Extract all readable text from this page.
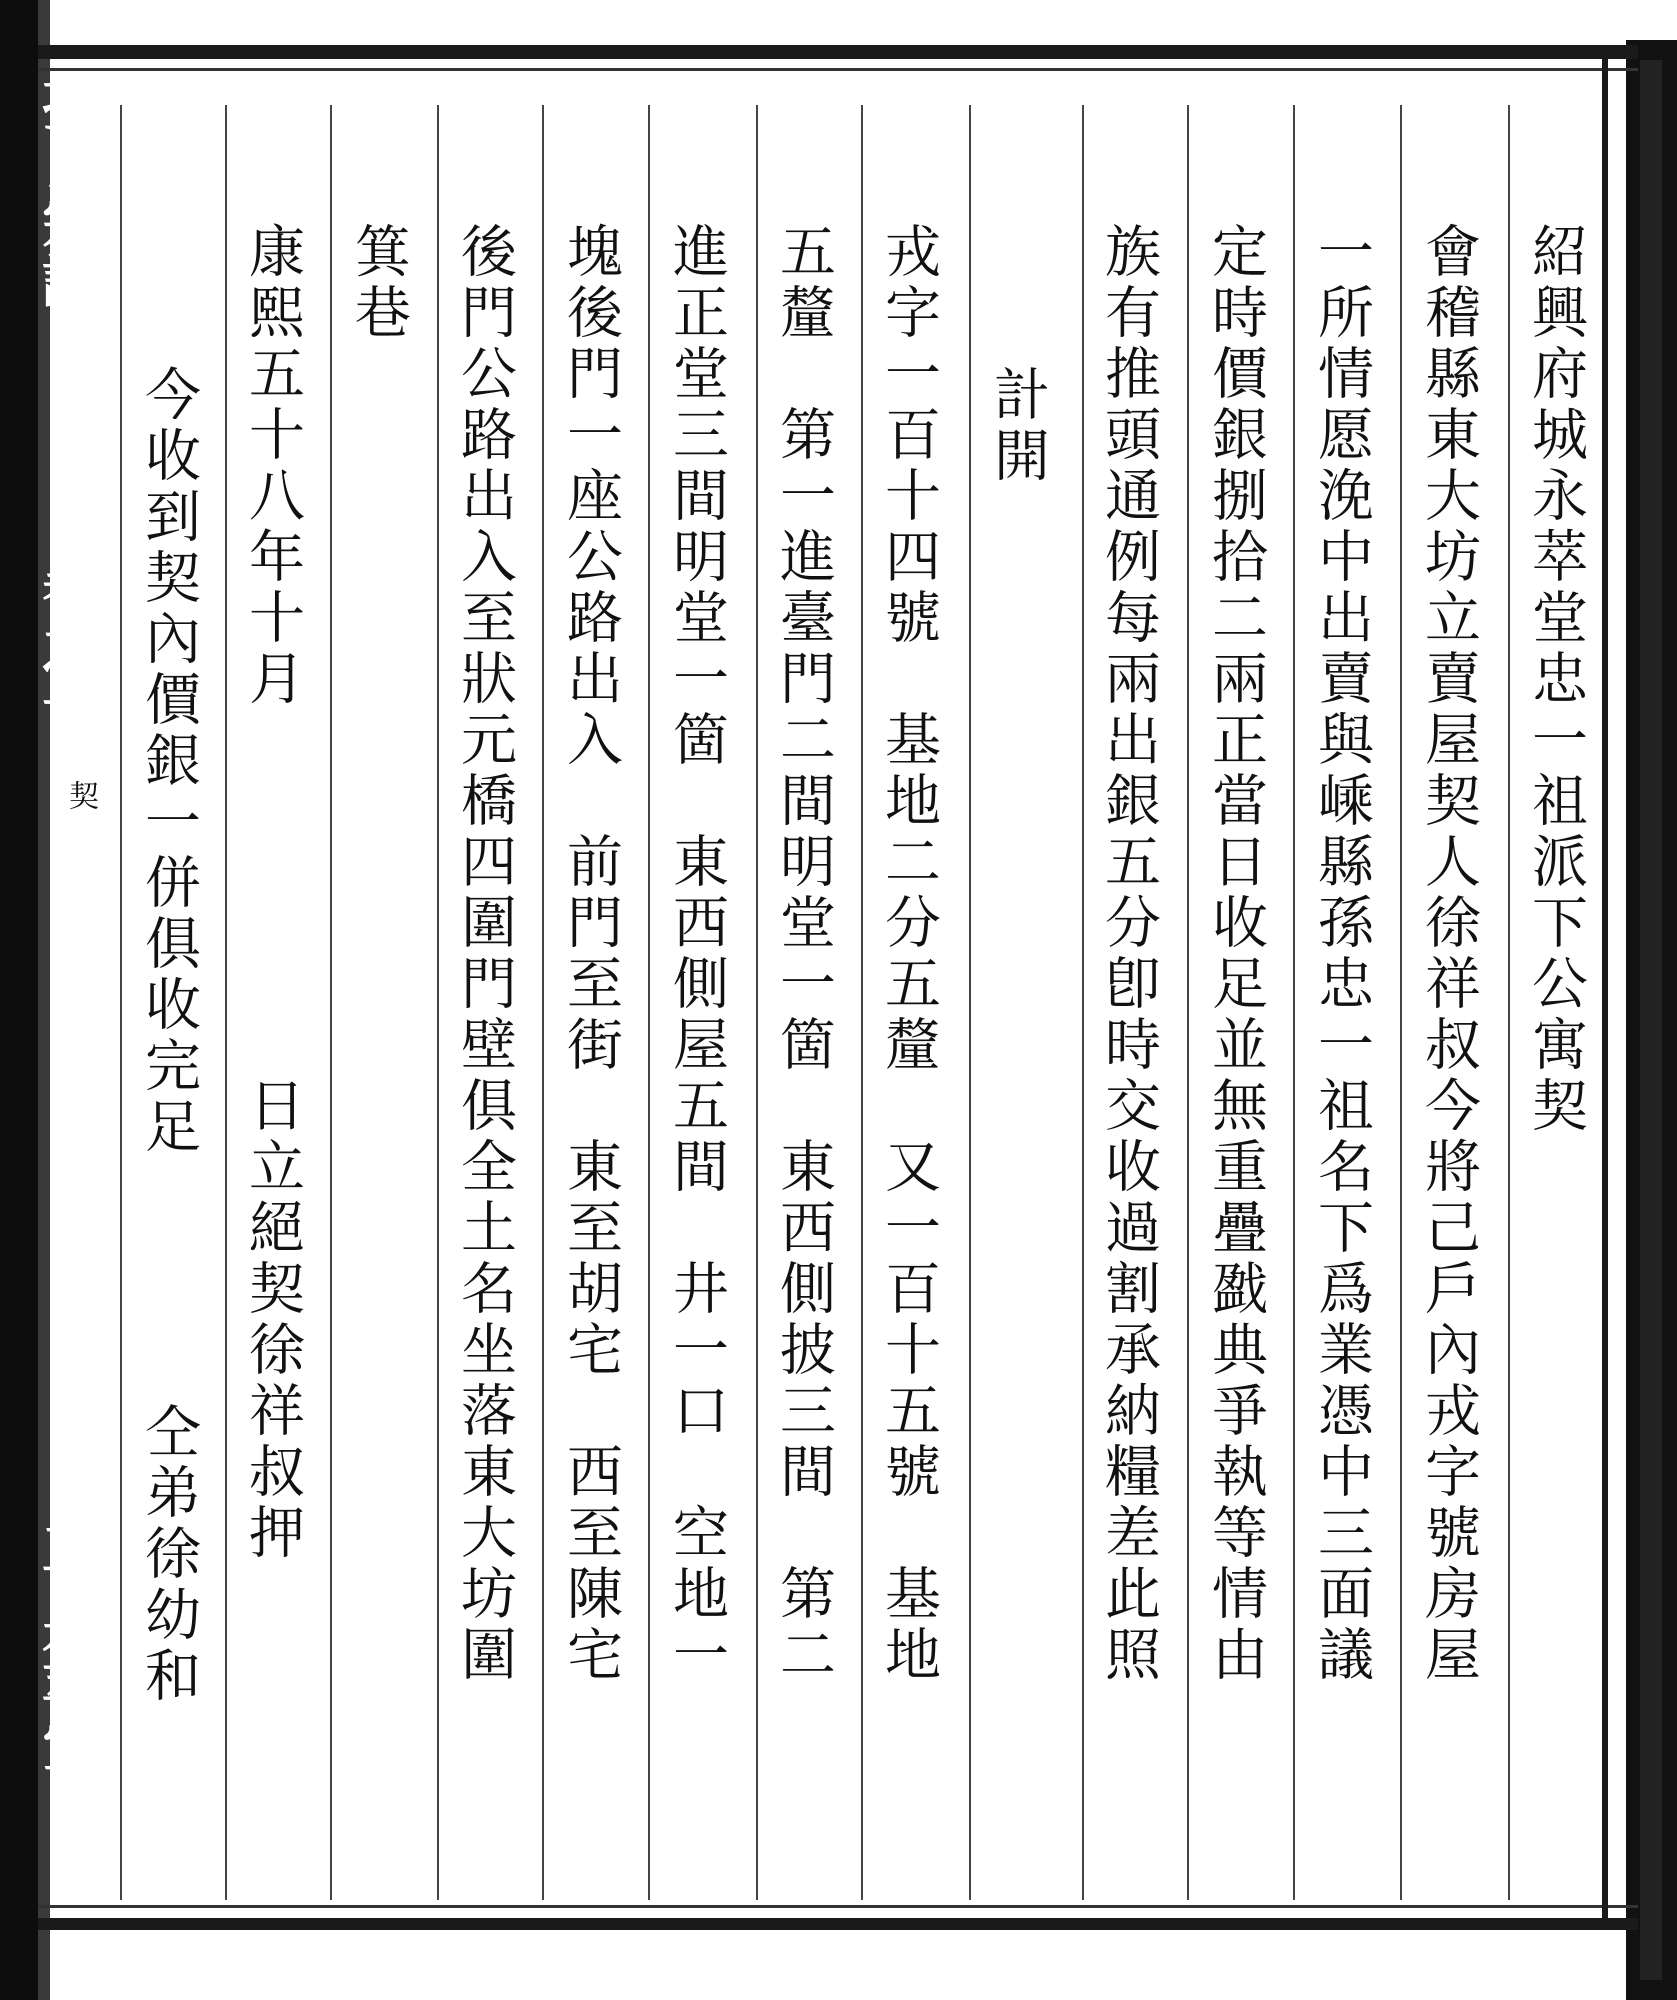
孫氏宗譜
卷之一
契
三
永萃堂
紹興府城永萃堂忠一祖派下公寓契
會稽縣東大坊立賣屋契人徐祥叔今將己戶內戎字號房屋
一所情愿浼中出賣與嵊縣孫忠一祖名下爲業憑中三面議
定時價銀捌拾二兩正當日收足並無重疊戤典爭執等情由
族有推頭通例每兩出銀五分卽時交收過割承納糧差此照
計開
戎字一百十四號　基地二分五釐　又一百十五號　基地
五釐　第一進臺門二間明堂一箇　東西側披三間　第二
進正堂三間明堂一箇　東西側屋五間　井一口　空地一
塊後門一座公路出入　前門至街　東至胡宅　西至陳宅
後門公路出入至狀元橋四圍門壁俱全土名坐落東大坊圍
箕巷
康熙五十八年十月　　　　　　日立絕契徐祥叔押
今收到契內價銀一併俱收完足　　　　仝弟徐幼和
